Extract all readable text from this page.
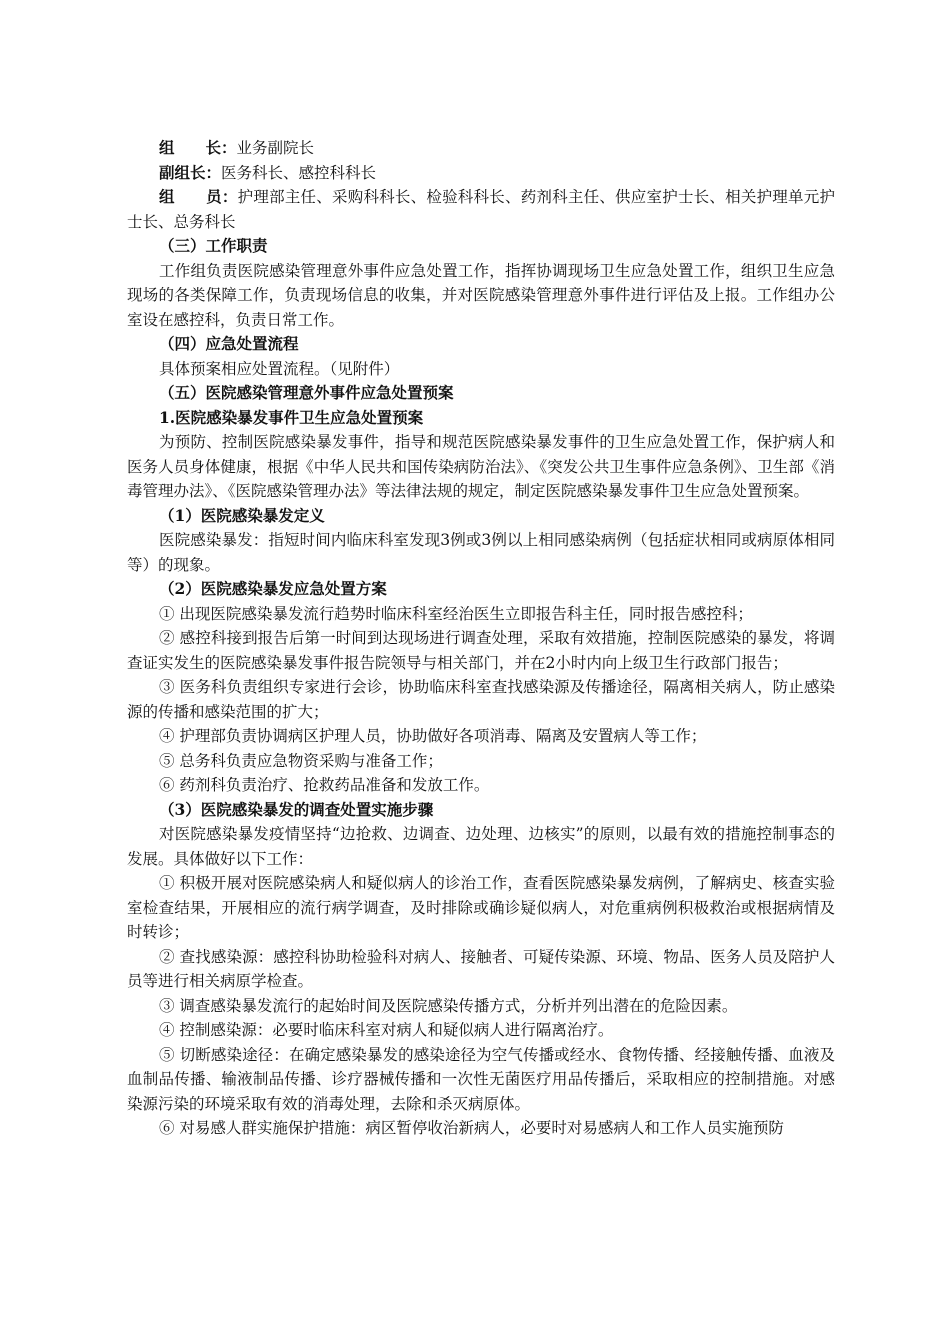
组　　长：业务副院长

副组长：医务科长、感控科科长

组　　员：护理部主任、采购科科长、检验科科长、药剂科主任、供应室护士长、相关护理单元护士长、总务科长

（三）工作职责

工作组负责医院感染管理意外事件应急处置工作，指挥协调现场卫生应急处置工作，组织卫生应急现场的各类保障工作，负责现场信息的收集，并对医院感染管理意外事件进行评估及上报。工作组办公室设在感控科，负责日常工作。

（四）应急处置流程

具体预案相应处置流程。（见附件）

（五）医院感染管理意外事件应急处置预案

1.医院感染暴发事件卫生应急处置预案

为预防、控制医院感染暴发事件，指导和规范医院感染暴发事件的卫生应急处置工作，保护病人和医务人员身体健康，根据《中华人民共和国传染病防治法》、《突发公共卫生事件应急条例》、卫生部《消毒管理办法》、《医院感染管理办法》等法律法规的规定，制定医院感染暴发事件卫生应急处置预案。

（1）医院感染暴发定义

医院感染暴发：指短时间内临床科室发现3例或3例以上相同感染病例（包括症状相同或病原体相同等）的现象。

（2）医院感染暴发应急处置方案

① 出现医院感染暴发流行趋势时临床科室经治医生立即报告科主任，同时报告感控科；

② 感控科接到报告后第一时间到达现场进行调查处理，采取有效措施，控制医院感染的暴发，将调查证实发生的医院感染暴发事件报告院领导与相关部门，并在2小时内向上级卫生行政部门报告；

③ 医务科负责组织专家进行会诊，协助临床科室查找感染源及传播途径，隔离相关病人，防止感染源的传播和感染范围的扩大；

④ 护理部负责协调病区护理人员，协助做好各项消毒、隔离及安置病人等工作；

⑤ 总务科负责应急物资采购与准备工作；

⑥ 药剂科负责治疗、抢救药品准备和发放工作。

（3）医院感染暴发的调查处置实施步骤

对医院感染暴发疫情坚持“边抢救、边调查、边处理、边核实”的原则，以最有效的措施控制事态的发展。具体做好以下工作：

① 积极开展对医院感染病人和疑似病人的诊治工作，查看医院感染暴发病例，了解病史、核查实验室检查结果，开展相应的流行病学调查，及时排除或确诊疑似病人，对危重病例积极救治或根据病情及时转诊；

② 查找感染源：感控科协助检验科对病人、接触者、可疑传染源、环境、物品、医务人员及陪护人员等进行相关病原学检查。

③ 调查感染暴发流行的起始时间及医院感染传播方式，分析并列出潜在的危险因素。

④ 控制感染源：必要时临床科室对病人和疑似病人进行隔离治疗。

⑤ 切断感染途径：在确定感染暴发的感染途径为空气传播或经水、食物传播、经接触传播、血液及血制品传播、输液制品传播、诊疗器械传播和一次性无菌医疗用品传播后，采取相应的控制措施。对感染源污染的环境采取有效的消毒处理，去除和杀灭病原体。

⑥ 对易感人群实施保护措施：病区暂停收治新病人，必要时对易感病人和工作人员实施预防
